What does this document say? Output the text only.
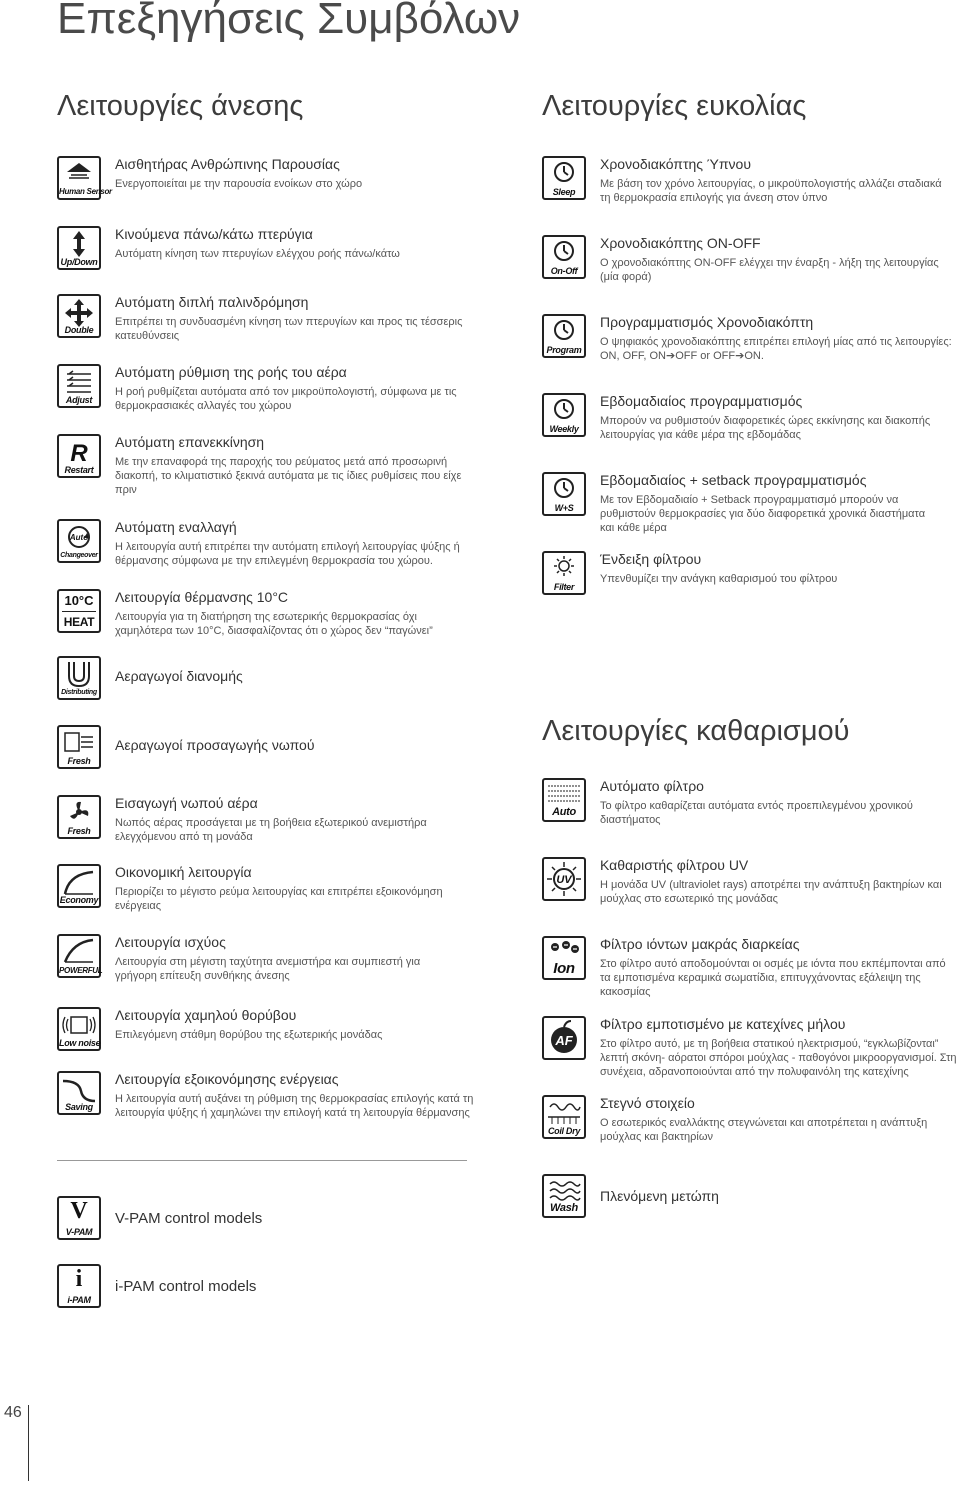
Επεξηγήσεις Συμβόλων
Λειτουργίες άνεσης	Λειτουργίες ευκολίας
Λειτουργίες καθαρισμού
Human Sensor

Αισθητήρας Ανθρώπινης Παρουσίας

Ενεργοποιείται με την παρουσία ενοίκων στο χώρο

Up/Down

Κινούμενα πάνω/κάτω πτερύγια

Αυτόματη κίνηση των πτερυγίων ελέγχου ροής πάνω/κάτω

Double

Αυτόματη διπλή παλινδρόμηση

Επιτρέπει τη συνδυασμένη κίνηση των πτερυγίων και προς τις τέσσερις κατευθύνσεις

Adjust

Αυτόματη ρύθμιση της ροής του αέρα

Η ροή ρυθμίζεται αυτόματα από τον μικροϋπολογιστή, σύμφωνα με τις θερμοκρασιακές αλλαγές του χώρου

R
Restart

Αυτόματη επανεκκίνηση

Με την επαναφορά της παροχής του ρεύματος μετά από προσωρινή διακοπή, το κλιματιστικό ξεκινά αυτόματα με τις ίδιες ρυθμίσεις που είχε πριν

Auto
Changeover

Αυτόματη εναλλαγή

Η λειτουργία αυτή επιτρέπει την αυτόματη επιλογή λειτουργίας ψύξης ή θέρμανσης σύμφωνα με την επιλεγμένη θερμοκρασία του χώρου.

10°C
HEAT

Λειτουργία θέρμανσης 10°C

Λειτουργία για τη διατήρηση της εσωτερικής θερμοκρασίας όχι χαμηλότερα των 10°C, διασφαλίζοντας ότι ο χώρος δεν “παγώνει”

Distributing

Αεραγωγοί διανομής

Fresh

Αεραγωγοί προσαγωγής νωπού

Fresh

Εισαγωγή νωπού αέρα

Νωπός αέρας προσάγεται με τη βοήθεια εξωτερικού ανεμιστήρα ελεγχόμενου από τη μονάδα

Economy

Οικονομική λειτουργία

Περιορίζει το μέγιστο ρεύμα λειτουργίας και επιτρέπει εξοικονόμηση ενέργειας

POWERFUL

Λειτουργία ισχύος

Λειτουργία στη μέγιστη ταχύτητα ανεμιστήρα και συμπιεστή για γρήγορη επίτευξη συνθήκης άνεσης

Low noise

Λειτουργία χαμηλού θορύβου

Επιλεγόμενη στάθμη θορύβου της εξωτερικής μονάδας

Saving

Λειτουργία εξοικονόμησης ενέργειας

Η λειτουργία αυτή αυξάνει τη ρύθμιση της θερμοκρασίας επιλογής κατά τη λειτουργία ψύξης ή χαμηλώνει την επιλογή κατά τη λειτουργία θέρμανσης

V
V-PAM

V-PAM control models

i
i-PAM

i-PAM control models

Sleep

Χρονοδιακόπτης Ύπνου

Με βάση τον χρόνο λειτουργίας, ο μικροϋπολογιστής αλλάζει σταδιακά τη θερμοκρασία επιλογής για άνεση στον ύπνο

On-Off

Χρονοδιακόπτης ON-OFF

Ο χρονοδιακόπτης ON-OFF ελέγχει την έναρξη - λήξη της λειτουργίας (μία φορά)

Program

Προγραμματισμός Χρονοδιακόπτη

Ο ψηφιακός χρονοδιακόπτης επιτρέπει επιλογή μίας από τις λειτουργίες: ON, OFF, ON➔OFF or OFF➔ON.

Weekly

Εβδομαδιαίος προγραμματισμός

Μπορούν να ρυθμιστούν διαφορετικές ώρες εκκίνησης και διακοπής λειτουργίας για κάθε μέρα της εβδομάδας

W+S

Εβδομαδιαίος + setback προγραμματισμός

Με τον Εβδομαδιαίο + Setback προγραμματισμό μπορούν να ρυθμιστούν θερμοκρασίες για δύο διαφορετικά χρονικά διαστήματα και κάθε μέρα

Filter

Ένδειξη φίλτρου

Υπενθυμίζει την ανάγκη καθαρισμού του φίλτρου

Auto

Αυτόματο φίλτρο

Το φίλτρο καθαρίζεται αυτόματα εντός προεπιλεγμένου χρονικού διαστήματος

UV

Καθαριστής φίλτρου UV

Η μονάδα UV (ultraviolet rays) αποτρέπει την ανάπτυξη βακτηρίων και μούχλας στο εσωτερικό της μονάδας

Ion

Φίλτρο ιόντων μακράς διαρκείας

Στο φίλτρο αυτό αποδομούνται οι οσμές με ιόντα που εκπέμπονται από τα εμποτισμένα κεραμικά σωματίδια, επιτυγχάνοντας εξάλειψη της κακοσμίας

AF

Φίλτρο εμποτισμένο με κατεχίνες μήλου

Στο φίλτρο αυτό, με τη βοήθεια στατικού ηλεκτρισμού, “εγκλωβίζονται” λεπτή σκόνη- αόρατοι σπόροι μούχλας - παθογόνοι μικροοργανισμοί. Στη συνέχεια, αδρανοποιούνται από την πολυφαινόλη της κατεχίνης

Coil Dry

Στεγνό στοιχείο

Ο εσωτερικός εναλλάκτης στεγνώνεται και αποτρέπεται η ανάπτυξη μούχλας και βακτηρίων

Wash

Πλενόμενη μετώπη

46
